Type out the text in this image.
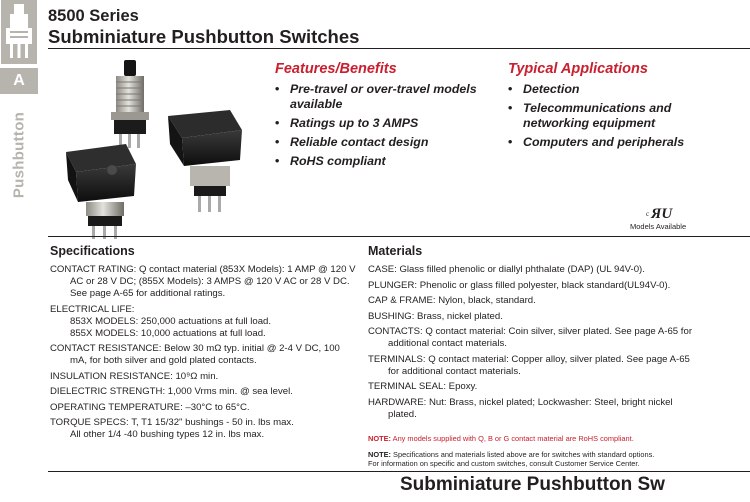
A
Pushbutton
8500 Series
Subminiature Pushbutton Switches
Features/Benefits
• Pre-travel or over-travel models available
• Ratings up to 3 AMPS
• Reliable contact design
• RoHS compliant
Typical Applications
• Detection
• Telecommunications and networking equipment
• Computers and peripherals
c ЯU
Models Available
Specifications

CONTACT RATING: Q contact material (853X Models): 1 AMP @ 120 V AC or 28 V DC; (855X Models): 3 AMPS @ 120 V AC or 28 V DC. See page A-65 for additional ratings.

ELECTRICAL LIFE:
853X MODELS: 250,000 actuations at full load.
855X MODELS: 10,000 actuations at full load.

CONTACT RESISTANCE: Below 30 mΩ typ. initial @ 2-4 V DC, 100 mA, for both silver and gold plated contacts.

INSULATION RESISTANCE: 10⁹Ω min.

DIELECTRIC STRENGTH: 1,000 Vrms min. @ sea level.

OPERATING TEMPERATURE: –30°C to 65°C.

TORQUE SPECS: T, T1 15/32" bushings - 50 in. lbs max.
All other 1/4 -40 bushing types 12 in. lbs max.

Materials

CASE: Glass filled phenolic or diallyl phthalate (DAP) (UL 94V-0).

PLUNGER: Phenolic or glass filled polyester, black standard(UL94V-0).

CAP & FRAME: Nylon, black, standard.

BUSHING: Brass, nickel plated.

CONTACTS: Q contact material: Coin silver, silver plated. See page A-65 for additional contact materials.

TERMINALS: Q contact material: Copper alloy, silver plated. See page A-65 for additional contact materials.

TERMINAL SEAL: Epoxy.

HARDWARE: Nut: Brass, nickel plated; Lockwasher: Steel, bright nickel plated.

NOTE: Any models supplied with Q, B or G contact material are RoHS compliant.
NOTE: Specifications and materials listed above are for switches with standard options.
For information on specific and custom switches, consult Customer Service Center.
Subminiature Pushbutton Sw
